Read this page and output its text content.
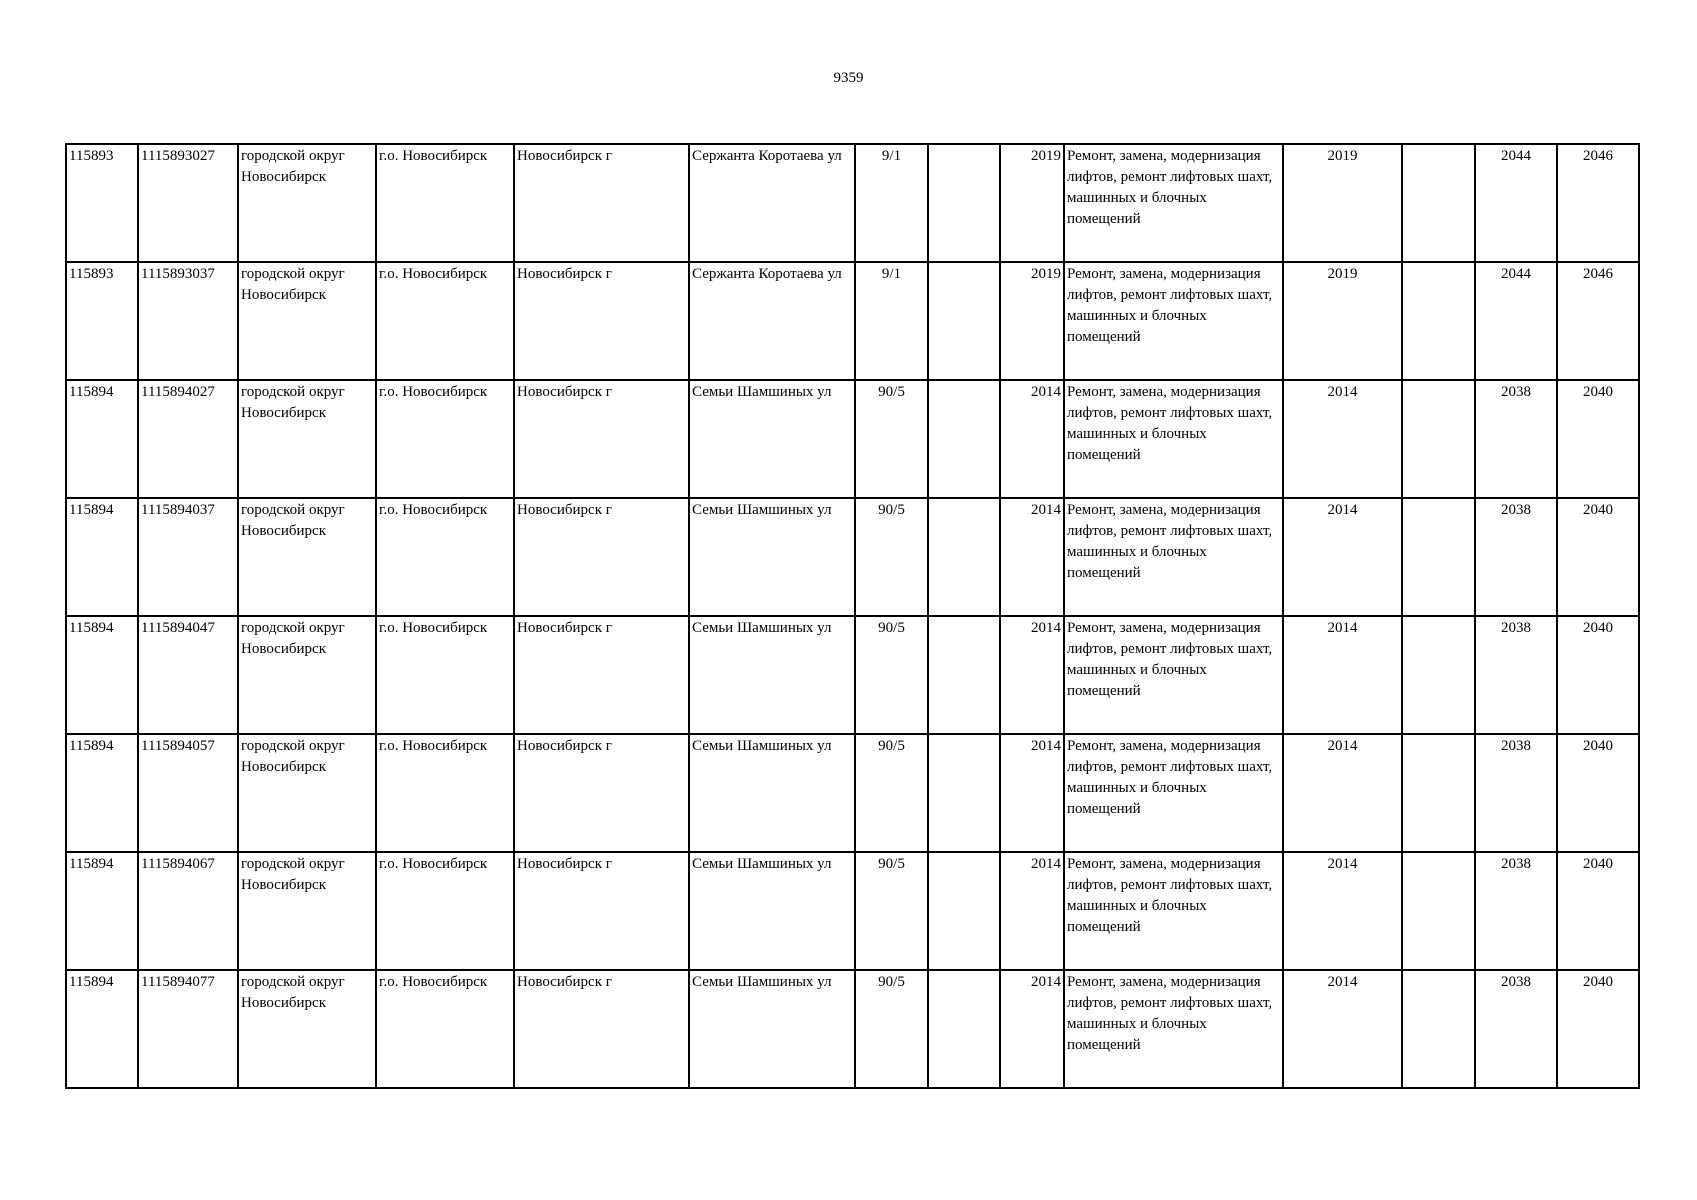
9359
115893	1115893027	городской округ Новосибирск	г.о. Новосибирск	Новосибирск г	Сержанта Коротаева ул	9/1		2019	Ремонт, замена, модернизация лифтов, ремонт лифтовых шахт, машинных и блочных помещений	2019		2044	2046
115893	1115893037	городской округ Новосибирск	г.о. Новосибирск	Новосибирск г	Сержанта Коротаева ул	9/1		2019	Ремонт, замена, модернизация лифтов, ремонт лифтовых шахт, машинных и блочных помещений	2019		2044	2046
115894	1115894027	городской округ Новосибирск	г.о. Новосибирск	Новосибирск г	Семьи Шамшиных ул	90/5		2014	Ремонт, замена, модернизация лифтов, ремонт лифтовых шахт, машинных и блочных помещений	2014		2038	2040
115894	1115894037	городской округ Новосибирск	г.о. Новосибирск	Новосибирск г	Семьи Шамшиных ул	90/5		2014	Ремонт, замена, модернизация лифтов, ремонт лифтовых шахт, машинных и блочных помещений	2014		2038	2040
115894	1115894047	городской округ Новосибирск	г.о. Новосибирск	Новосибирск г	Семьи Шамшиных ул	90/5		2014	Ремонт, замена, модернизация лифтов, ремонт лифтовых шахт, машинных и блочных помещений	2014		2038	2040
115894	1115894057	городской округ Новосибирск	г.о. Новосибирск	Новосибирск г	Семьи Шамшиных ул	90/5		2014	Ремонт, замена, модернизация лифтов, ремонт лифтовых шахт, машинных и блочных помещений	2014		2038	2040
115894	1115894067	городской округ Новосибирск	г.о. Новосибирск	Новосибирск г	Семьи Шамшиных ул	90/5		2014	Ремонт, замена, модернизация лифтов, ремонт лифтовых шахт, машинных и блочных помещений	2014		2038	2040
115894	1115894077	городской округ Новосибирск	г.о. Новосибирск	Новосибирск г	Семьи Шамшиных ул	90/5		2014	Ремонт, замена, модернизация лифтов, ремонт лифтовых шахт, машинных и блочных помещений	2014		2038	2040
